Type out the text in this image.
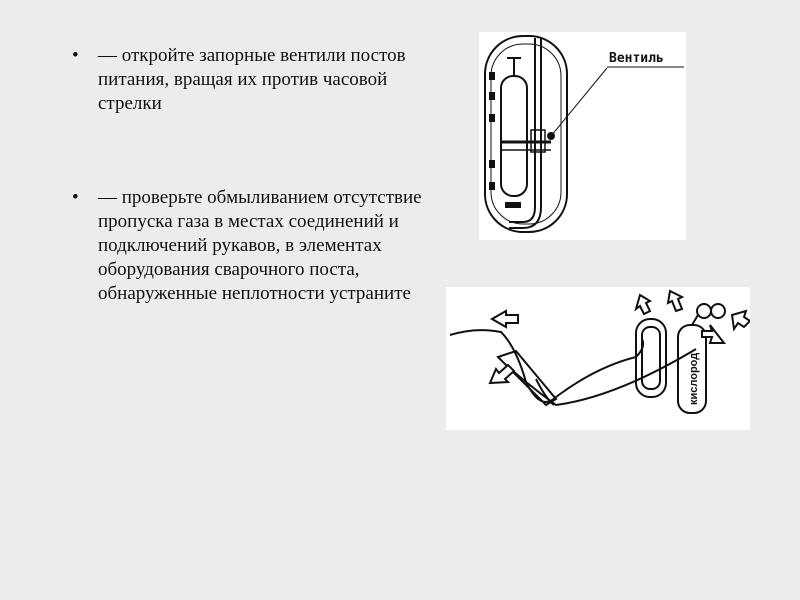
• — откройте запорные вентили постов питания, вращая их против часовой стрелки
• — проверьте обмыливанием отсутствие пропуска газа в местах соединений и подключений рукавов, в элементах оборудования сварочного поста, обнаруженные неплотности устраните
Вентиль
кислород
